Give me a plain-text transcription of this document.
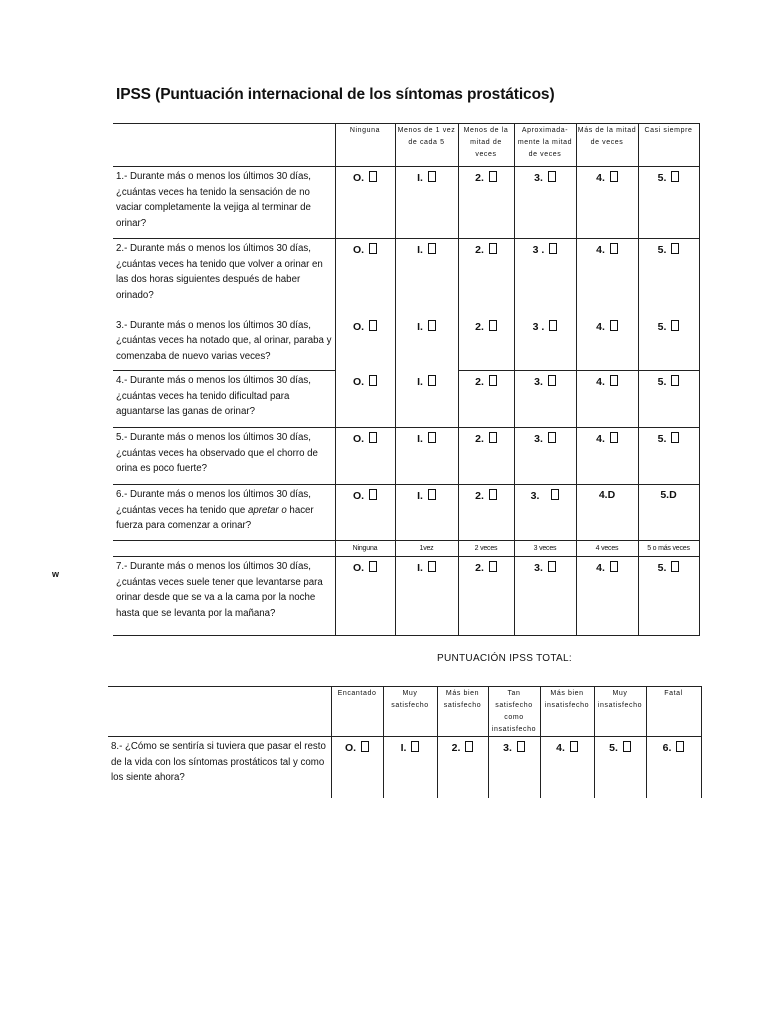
IPSS (Puntuación internacional de los síntomas prostáticos)
w
	Ninguna	Menos de 1 vez de cada 5	Menos de la mitad de veces	Aproximada-mente la mitad de veces	Más de la mitad de veces	Casi siempre
1.- Durante más o menos los últimos 30 días, ¿cuántas veces ha tenido la sensación de no vaciar completamente la vejiga al terminar de orinar?	O.	I.	2.	3.	4.	5.
2.- Durante más o menos los últimos 30 días, ¿cuántas veces ha tenido que volver a orinar en las dos horas siguientes después de haber orinado?	O.	I.	2.	3 .	4.	5.
3.- Durante más o menos los últimos 30 días, ¿cuántas veces ha notado que, al orinar, paraba y comenzaba de nuevo varias veces?	O.	I.	2.	3 .	4.	5.
4.- Durante más o menos los últimos 30 días, ¿cuántas veces ha tenido dificultad para aguantarse las ganas de orinar?	O.	I.	2.	3.	4.	5.
5.- Durante más o menos los últimos 30 días, ¿cuántas veces ha observado que el chorro de orina es poco fuerte?	O.	I.	2.	3.	4.	5.
6.- Durante más o menos los últimos 30 días, ¿cuántas veces ha tenido que apretar o hacer fuerza para comenzar a orinar?	O.	I.	2.	3.	4.D	5.D
	Ninguna	1vez	2 veces	3 veces	4 veces	5 o más veces
7.- Durante más o menos los últimos 30 días, ¿cuántas veces suele tener que levantarse para orinar desde que se va a la cama por la noche hasta que se levanta por la mañana?	O.	I.	2.	3.	4.	5.
PUNTUACIÓN IPSS TOTAL:
	Encantado	Muy satisfecho	Más bien satisfecho	Tan satisfecho como insatisfecho	Más bien insatisfecho	Muy insatisfecho	Fatal
8.- ¿Cómo se sentiría si tuviera que pasar el resto de la vida con los síntomas prostáticos tal y como los siente ahora?	O.	I.	2.	3.	4.	5.	6.
